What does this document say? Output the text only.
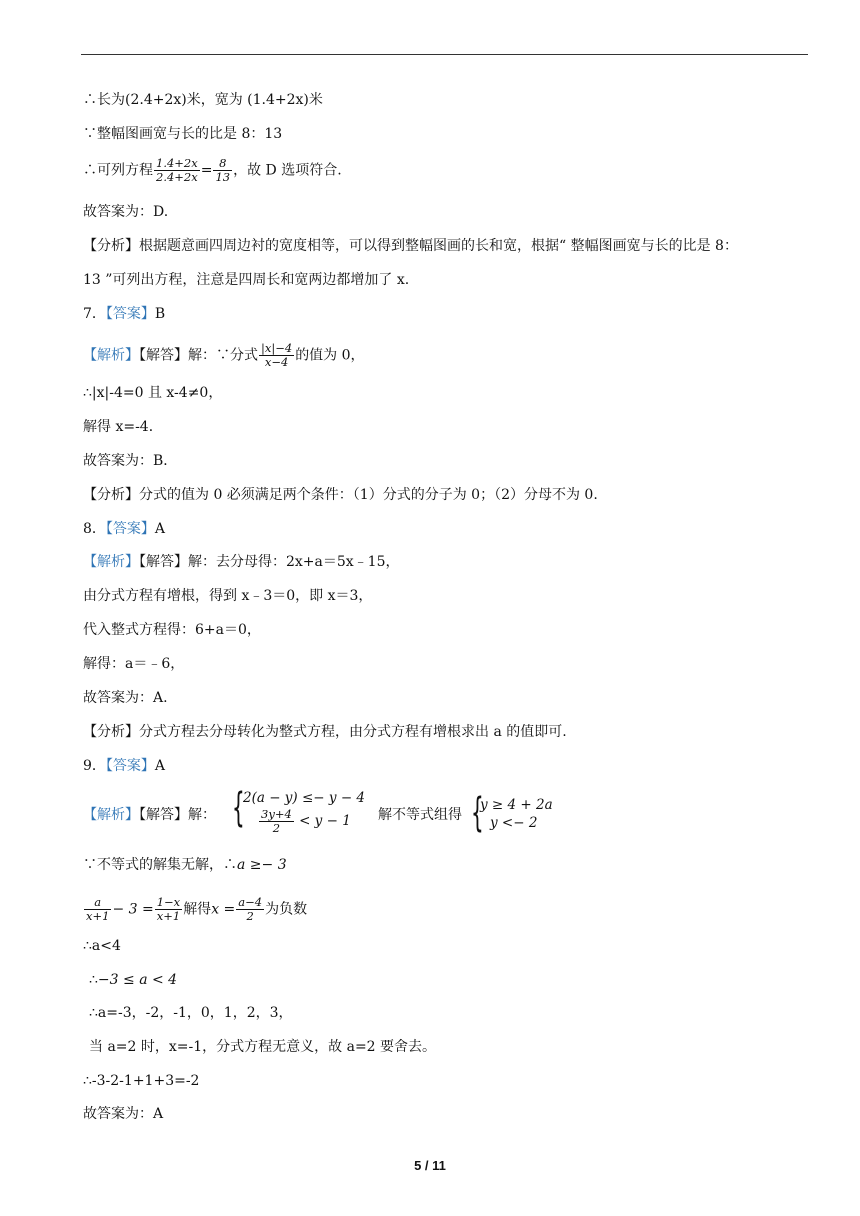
∴长为(2.4+2x)米，宽为 (1.4+2x)米
∵整幅图画宽与长的比是 8：13
∴可列方程 $\frac{1.4+2x}{2.4+2x} = \frac{8}{13}$ ，故 D 选项符合.
故答案为：D.
【分析】根据题意画四周边衬的宽度相等，可以得到整幅图画的长和宽，根据“ 整幅图画宽与长的比是 8：
13 ”可列出方程，注意是四周长和宽两边都增加了 x.
7．【答案】B
【解析】【解答】解：∵分式 $\frac{|x|-4}{x-4}$ 的值为 0，
∴|x|-4=0 且 x-4≠0，
解得 x=-4．
故答案为：B．
【分析】分式的值为 0 必须满足两个条件：（1）分式的分子为 0；（2）分母不为 0.
8．【答案】A
【解析】【解答】解：去分母得：2x+a＝5x﹣15，
由分式方程有增根，得到 x﹣3＝0，即 x＝3，
代入整式方程得：6+a＝0，
解得：a＝﹣6，
故答案为：A.
【分析】分式方程去分母转化为整式方程，由分式方程有增根求出 a 的值即可.
9．【答案】A
【解析】【解答】解： {
2(a − y) ≤− y − 4
$\frac{3y+4}{2} < y - 1$ 解不等式组得 {
y ≥ 4 + 2a
y <− 2
∵不等式的解集无解，∴a ≥− 3
$\frac{a}{x+1} - 3 = \frac{1-x}{x+1}$ 解得$x = \frac{a-4}{2}$ 为负数
∴a<4
∴−3 ≤ a < 4
∴a=-3，-2，-1，0，1，2，3，
当 a=2 时，x=-1，分式方程无意义，故 a=2 要舍去。
∴-3-2-1+1+3=-2
故答案为：A
5 / 11
